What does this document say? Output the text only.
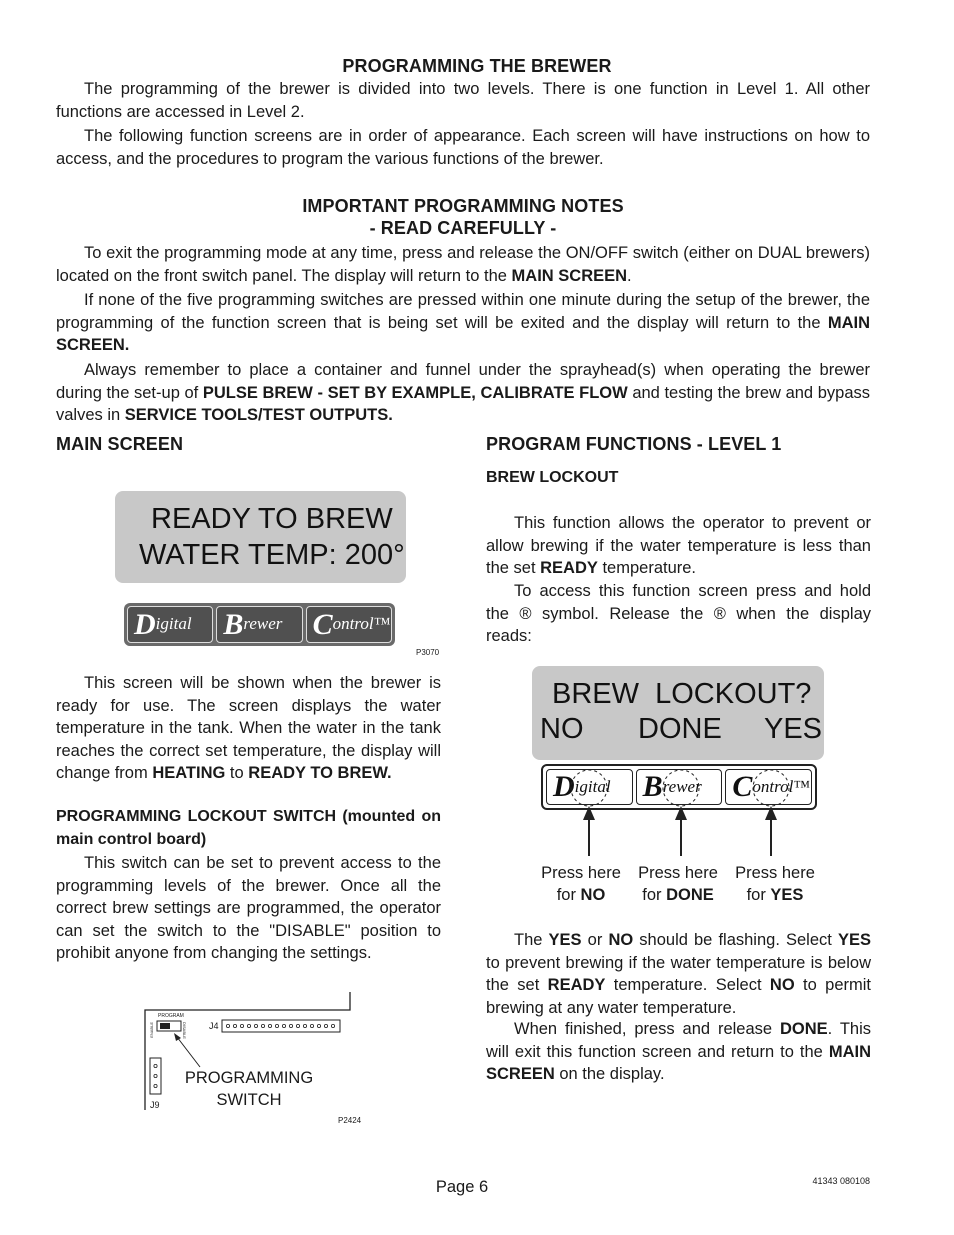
PROGRAMMING THE BREWER
The programming of the brewer is divided into two levels. There is one function in Level 1. All other functions are accessed in Level 2.
The following function screens are in order of appearance. Each screen will have instructions on how to access, and the procedures to program the various functions of the brewer.
IMPORTANT PROGRAMMING NOTES
- READ CAREFULLY -
To exit the programming mode at any time, press and release the ON/OFF switch (either on DUAL brewers) located on the front switch panel. The display will return to the MAIN SCREEN.
If none of the five programming switches are pressed within one minute during the setup of the brewer, the programming of the function screen that is being set will be exited and the display will return to the MAIN SCREEN.
Always remember to place a container and funnel under the sprayhead(s) when operating the brewer during the set-up of PULSE BREW - SET BY EXAMPLE, CALIBRATE FLOW and testing the brew and bypass valves in SERVICE TOOLS/TEST OUTPUTS.
MAIN SCREEN
READY TO BREW
WATER TEMP: 200°
D igital B rewer C ontrol™
P3070
This screen will be shown when the brewer is ready for use. The screen displays the water temperature in the tank. When the water in the tank reaches the correct set temperature, the display will change from HEATING to READY TO BREW.
PROGRAMMING LOCKOUT SWITCH (mounted on main control board)
This switch can be set to prevent access to the programming levels of the brewer. Once all the correct brew settings are programmed, the operator can set the switch to the "DISABLE" position to prohibit anyone from changing the settings.
PROGRAM
ENABLE	DISABLE J4
J9
PROGRAMMING
SWITCH
P2424
PROGRAM FUNCTIONS - LEVEL 1
BREW LOCKOUT
This function allows the operator to prevent or allow brewing if the water temperature is less than the set READY temperature.
To access this function screen press and hold the ® symbol. Release the ® when the display reads:
BREW  LOCKOUT?
NO DONE YES
D igital B rewer C ontrol™
Press here
for NO
Press here
for DONE
Press here
for YES
The YES or NO should be flashing. Select YES to prevent brewing if the water temperature is below the set READY temperature. Select NO to permit brewing at any water temperature.
When finished, press and release DONE. This will exit this function screen and return to the MAIN SCREEN on the display.
Page 6	41343 080108
